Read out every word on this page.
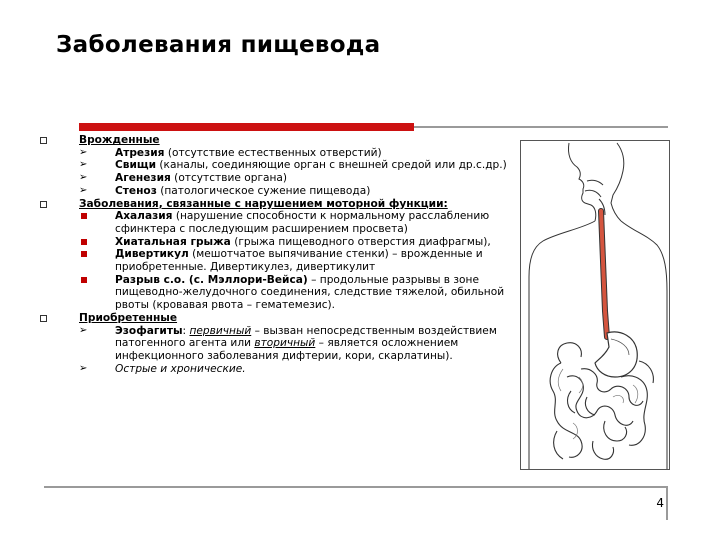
Заболевания пищевода
Врожденные
➢	Атрезия (отсутствие естественных отверстий)
➢	Свищи (каналы, соединяющие орган с внешней средой или др.с.др.)
➢	Агенезия (отсутствие органа)
➢	Стеноз (патологическое сужение пищевода)
Заболевания, связанные с нарушением моторной функции:
Ахалазия (нарушение способности к нормальному расслаблению сфинктера с последующим расширением просвета)
Хиатальная грыжа (грыжа пищеводного отверстия диафрагмы),
Дивертикул (мешотчатое выпячивание стенки) – врожденные и приобретенные. Дивертикулез, дивертикулит
Разрыв с.о. (с. Мэллори-Вейса) – продольные разрывы в зоне пищеводно-желудочного соединения, следствие тяжелой, обильной рвоты (кровавая рвота – гематемезис).
Приобретенные
➢	Эзофагиты: первичный – вызван непосредственным воздействием патогенного агента или вторичный – является осложнением инфекционного заболевания дифтерии, кори, скарлатины).
➢	Острые и хронические.
4
